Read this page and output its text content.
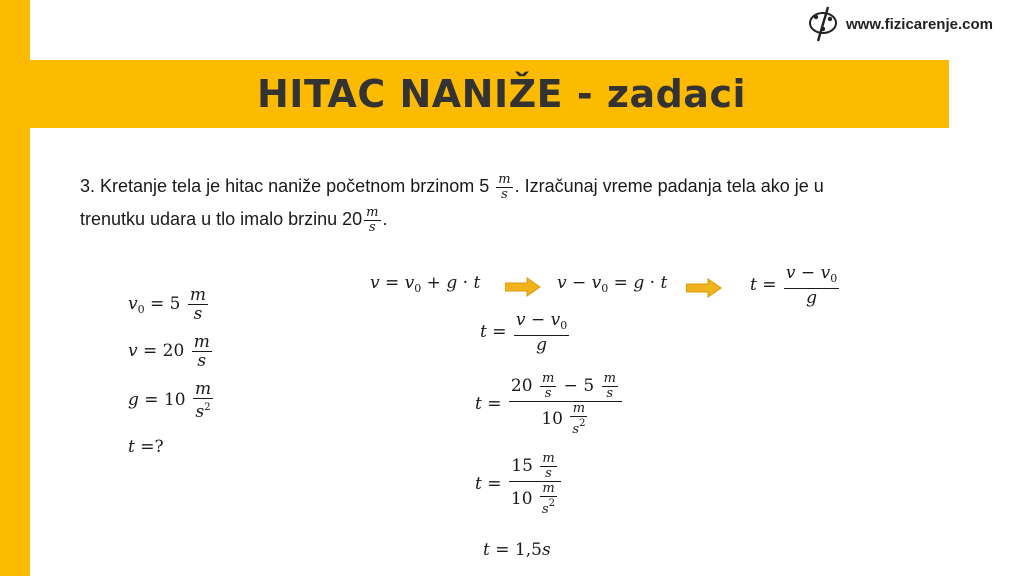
www.fizicarenje.com
HITAC NANIŽE - zadaci

3. Kretanje tela je hitac naniže početnom brzinom $5 \frac{m}{s}$ . Izračunaj vreme padanja tela ako je u

trenutku udara u tlo imalo brzinu $20 \frac{m}{s}$ .

$v_0 = 5 \frac{m}{s}$
$v = 20 \frac{m}{s}$
$g = 10 \frac{m}{s^2}$
t =?
$v = v_0 + g \cdot t$	$v - v_0 = g \cdot t$	$t = \frac{v - v_0}{g}$
$t = \frac{v - v_0}{g}$
$t = \frac{20 \frac{m}{s} - 5 \frac{m}{s}}{10 \frac{m}{s^2}}$
$t = \frac{15 \frac{m}{s}}{10 \frac{m}{s^2}}$
t = 1,5s
